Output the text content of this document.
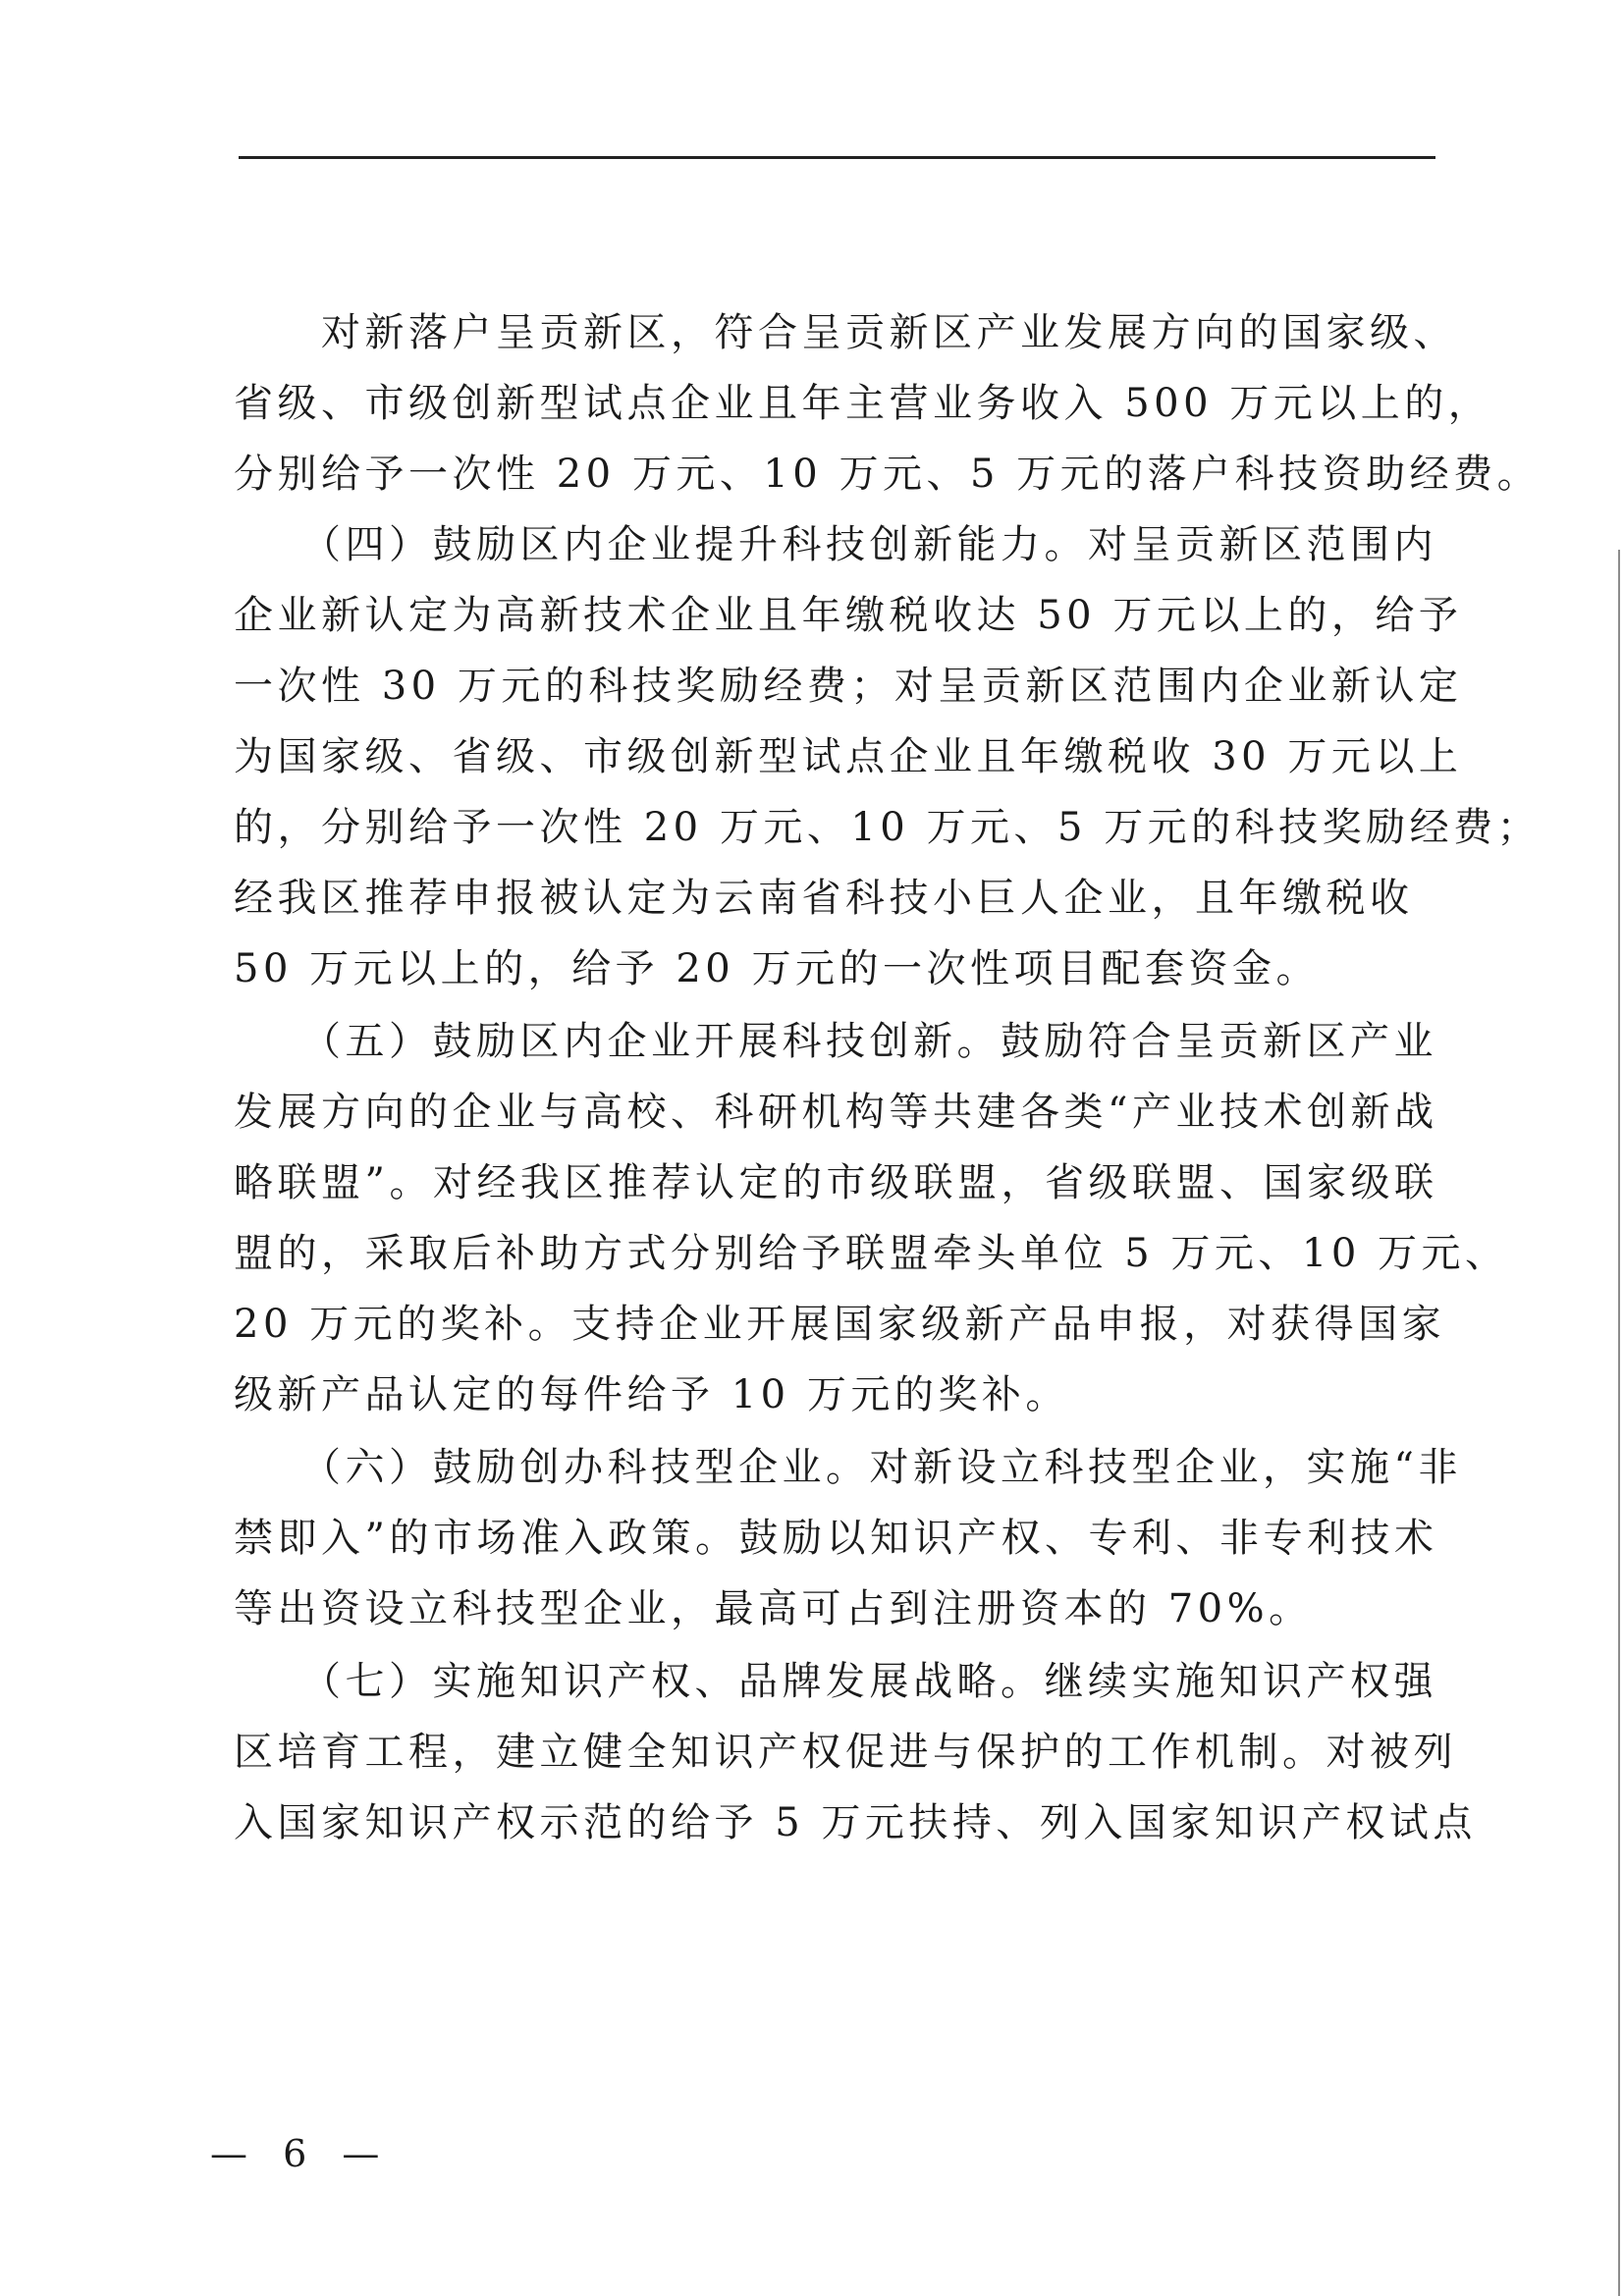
　　对新落户呈贡新区，符合呈贡新区产业发展方向的国家级、
省级、市级创新型试点企业且年主营业务收入 500 万元以上的，
分别给予一次性 20 万元、10 万元、5 万元的落户科技资助经费。
　　（四）鼓励区内企业提升科技创新能力。对呈贡新区范围内
企业新认定为高新技术企业且年缴税收达 50 万元以上的，给予
一次性 30 万元的科技奖励经费；对呈贡新区范围内企业新认定
为国家级、省级、市级创新型试点企业且年缴税收 30 万元以上
的，分别给予一次性 20 万元、10 万元、5 万元的科技奖励经费；
经我区推荐申报被认定为云南省科技小巨人企业，且年缴税收
50 万元以上的，给予 20 万元的一次性项目配套资金。
　　（五）鼓励区内企业开展科技创新。鼓励符合呈贡新区产业
发展方向的企业与高校、科研机构等共建各类“产业技术创新战
略联盟”。对经我区推荐认定的市级联盟，省级联盟、国家级联
盟的，采取后补助方式分别给予联盟牵头单位 5 万元、10 万元、
20 万元的奖补。支持企业开展国家级新产品申报，对获得国家
级新产品认定的每件给予 10 万元的奖补。
　　（六）鼓励创办科技型企业。对新设立科技型企业，实施“非
禁即入”的市场准入政策。鼓励以知识产权、专利、非专利技术
等出资设立科技型企业，最高可占到注册资本的 70%。
　　（七）实施知识产权、品牌发展战略。继续实施知识产权强
区培育工程，建立健全知识产权促进与保护的工作机制。对被列
入国家知识产权示范的给予 5 万元扶持、列入国家知识产权试点
— 6 —
